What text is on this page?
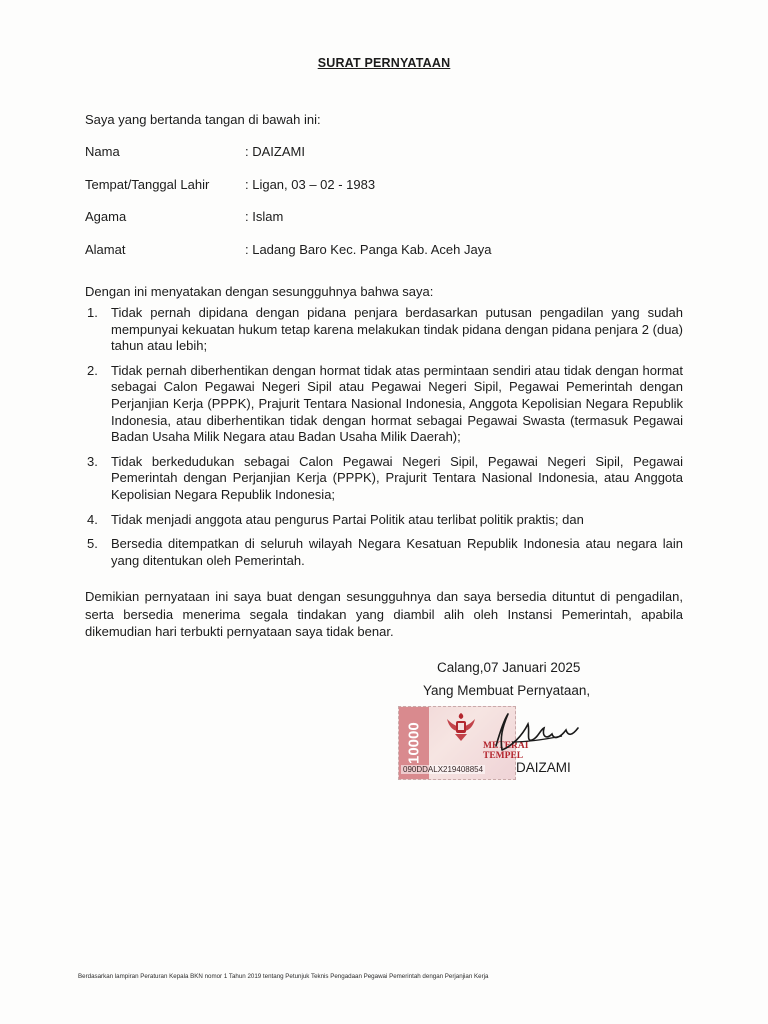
SURAT PERNYATAAN
Saya yang bertanda tangan di bawah ini:
Nama	: DAIZAMI
Tempat/Tanggal Lahir	: Ligan, 03 – 02 - 1983
Agama	: Islam
Alamat	: Ladang Baro Kec. Panga Kab. Aceh Jaya
Dengan ini menyatakan dengan sesungguhnya bahwa saya:
1. Tidak pernah dipidana dengan pidana penjara berdasarkan putusan pengadilan yang sudah mempunyai kekuatan hukum tetap karena melakukan tindak pidana dengan pidana penjara 2 (dua) tahun atau lebih;
2. Tidak pernah diberhentikan dengan hormat tidak atas permintaan sendiri atau tidak dengan hormat sebagai Calon Pegawai Negeri Sipil atau Pegawai Negeri Sipil, Pegawai Pemerintah dengan Perjanjian Kerja (PPPK), Prajurit Tentara Nasional Indonesia, Anggota Kepolisian Negara Republik Indonesia, atau diberhentikan tidak dengan hormat sebagai Pegawai Swasta (termasuk Pegawai Badan Usaha Milik Negara atau Badan Usaha Milik Daerah);
3. Tidak berkedudukan sebagai Calon Pegawai Negeri Sipil, Pegawai Negeri Sipil, Pegawai Pemerintah dengan Perjanjian Kerja (PPPK), Prajurit Tentara Nasional Indonesia, atau Anggota Kepolisian Negara Republik Indonesia;
4. Tidak menjadi anggota atau pengurus Partai Politik atau terlibat politik praktis; dan
5. Bersedia ditempatkan di seluruh wilayah Negara Kesatuan Republik Indonesia atau negara lain yang ditentukan oleh Pemerintah.
Demikian pernyataan ini saya buat dengan sesungguhnya dan saya bersedia dituntut di pengadilan, serta bersedia menerima segala tindakan yang diambil alih oleh Instansi Pemerintah, apabila dikemudian hari terbukti pernyataan saya tidak benar.
Calang,07 Januari 2025
Yang Membuat Pernyataan,
10000	METERAI
TEMPEL
090DDALX219408854 DAIZAMI
Berdasarkan lampiran Peraturan Kepala BKN nomor 1 Tahun 2019 tentang Petunjuk Teknis Pengadaan Pegawai Pemerintah dengan Perjanjian Kerja
